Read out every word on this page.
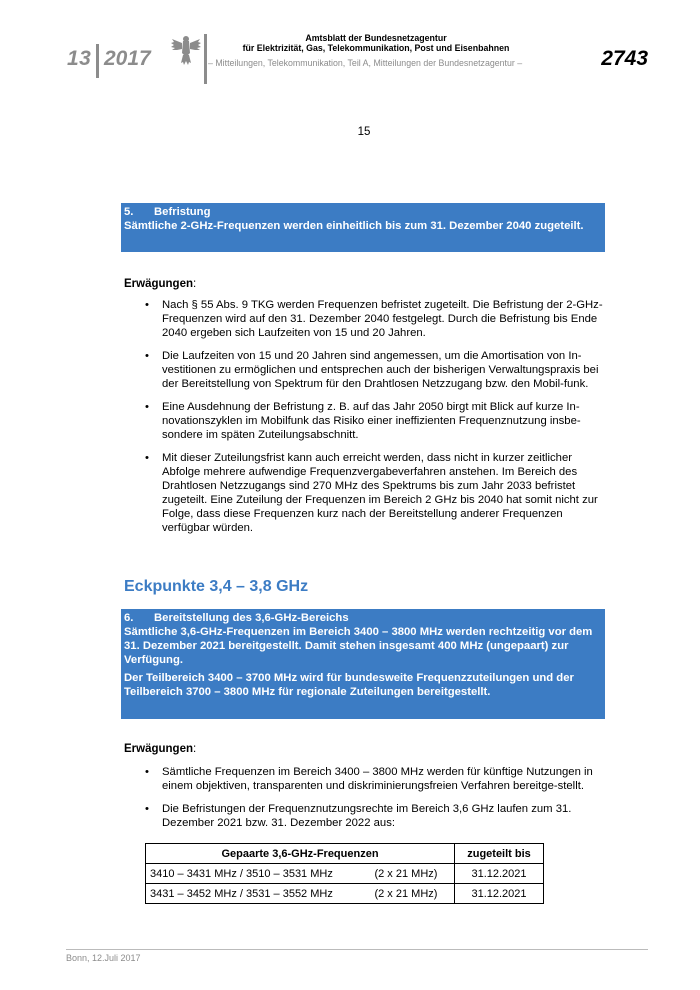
13 2017
Amtsblatt der Bundesnetzagentur
für Elektrizität, Gas, Telekommunikation, Post und Eisenbahnen
– Mitteilungen, Telekommunikation, Teil A, Mitteilungen der Bundesnetzagentur –	2743
15

5. Befristung

Sämtliche 2-GHz-Frequenzen werden einheitlich bis zum 31. Dezember 2040 zugeteilt.

Erwägungen:
• Nach § 55 Abs. 9 TKG werden Frequenzen befristet zugeteilt. Die Befristung der 2-GHz-Frequenzen wird auf den 31. Dezember 2040 festgelegt. Durch die Befristung bis Ende 2040 ergeben sich Laufzeiten von 15 und 20 Jahren.
• Die Laufzeiten von 15 und 20 Jahren sind angemessen, um die Amortisation von In-vestitionen zu ermöglichen und entsprechen auch der bisherigen Verwaltungspraxis bei der Bereitstellung von Spektrum für den Drahtlosen Netzzugang bzw. den Mobil-funk.
• Eine Ausdehnung der Befristung z. B. auf das Jahr 2050 birgt mit Blick auf kurze In-novationszyklen im Mobilfunk das Risiko einer ineffizienten Frequenznutzung insbe-sondere im späten Zuteilungsabschnitt.
• Mit dieser Zuteilungsfrist kann auch erreicht werden, dass nicht in kurzer zeitlicher Abfolge mehrere aufwendige Frequenzvergabeverfahren anstehen. Im Bereich des Drahtlosen Netzzugangs sind 270 MHz des Spektrums bis zum Jahr 2033 befristet zugeteilt. Eine Zuteilung der Frequenzen im Bereich 2 GHz bis 2040 hat somit nicht zur Folge, dass diese Frequenzen kurz nach der Bereitstellung anderer Frequenzen verfügbar würden.
Eckpunkte 3,4 – 3,8 GHz

6. Bereitstellung des 3,6-GHz-Bereichs

Sämtliche 3,6-GHz-Frequenzen im Bereich 3400 – 3800 MHz werden rechtzeitig vor dem 31. Dezember 2021 bereitgestellt. Damit stehen insgesamt 400 MHz (ungepaart) zur Verfügung.

Der Teilbereich 3400 – 3700 MHz wird für bundesweite Frequenzzuteilungen und der Teilbereich 3700 – 3800 MHz für regionale Zuteilungen bereitgestellt.

Erwägungen:
• Sämtliche Frequenzen im Bereich 3400 – 3800 MHz werden für künftige Nutzungen in einem objektiven, transparenten und diskriminierungsfreien Verfahren bereitge-stellt.
• Die Befristungen der Frequenznutzungsrechte im Bereich 3,6 GHz laufen zum 31. Dezember 2021 bzw. 31. Dezember 2022 aus:
Gepaarte 3,6-GHz-Frequenzen		zugeteilt bis
3410 – 3431 MHz / 3510 – 3531 MHz	(2 x 21 MHz)	31.12.2021
3431 – 3452 MHz / 3531 – 3552 MHz	(2 x 21 MHz)	31.12.2021
Bonn, 12.Juli 2017
